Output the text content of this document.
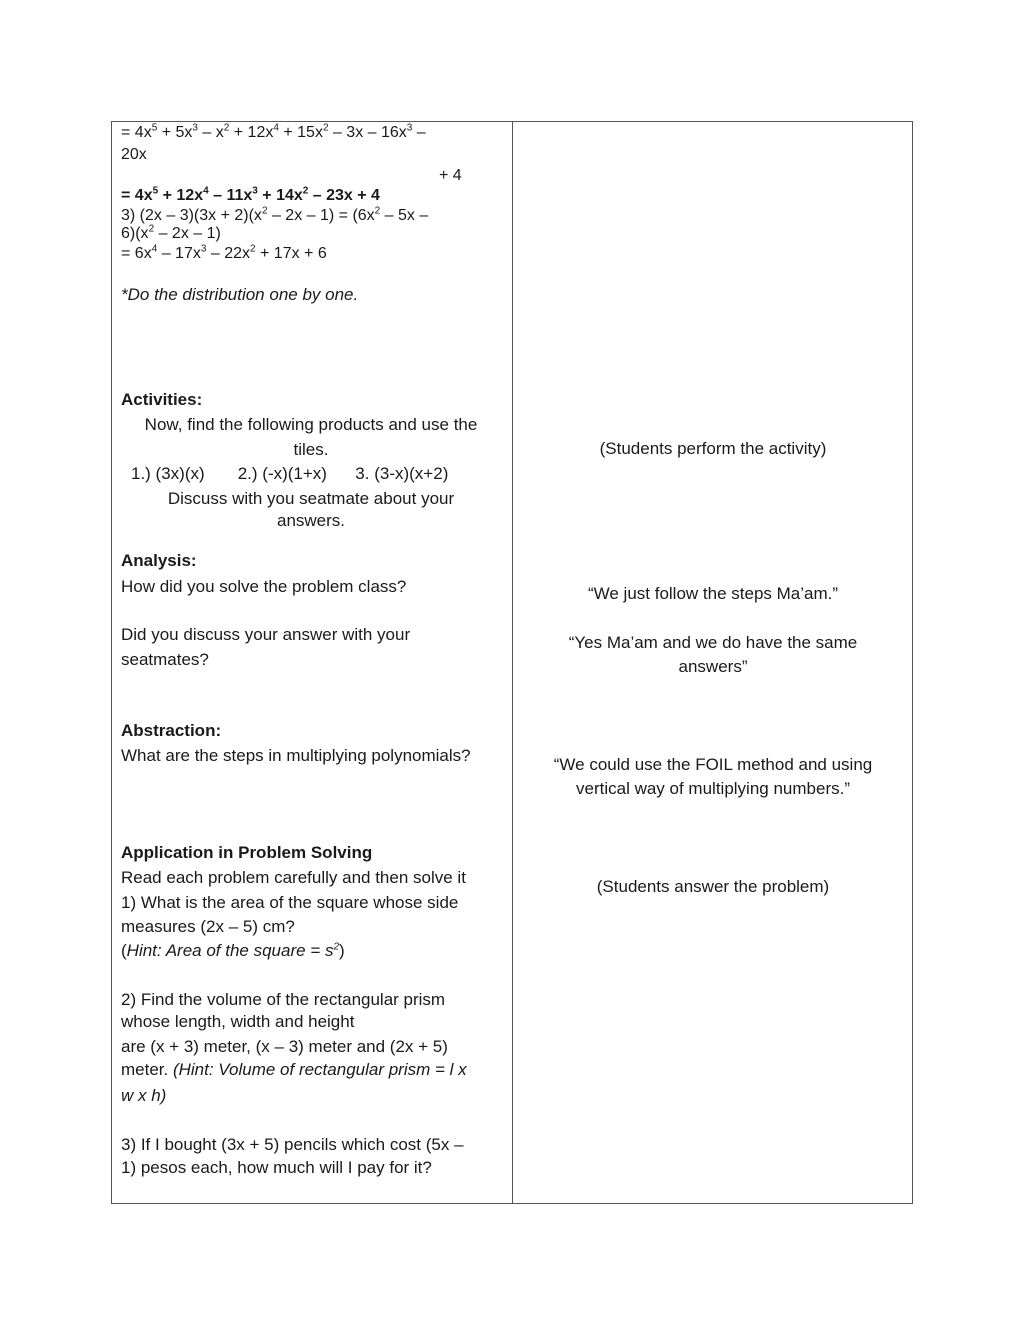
= $4x^5 + 5x^3 - x^2 + 12x^4 + 15x^2 - 3x - 16x^3$ –
20x
+ 4
= $4x^5 + 12x^4 - 11x^3 + 14x^2 - 23x + 4$
3) $(2x - 3)(3x + 2)(x^2 - 2x - 1) = (6x^2 - 5x$ –
$6)(x^2 - 2x - 1)$
= $6x^4 - 17x^3 - 22x^2 + 17x + 6$
*Do the distribution one by one.
Activities:
Now, find the following products and use the
tiles.
1.) (3x)(x)       2.) (-x)(1+x)      3. (3-x)(x+2)
Discuss with you seatmate about your
answers.
Analysis:
How did you solve the problem class?
Did you discuss your answer with your
seatmates?
Abstraction:
What are the steps in multiplying polynomials?
Application in Problem Solving
Read each problem carefully and then solve it
1) What is the area of the square whose side
measures (2x – 5) cm?
(Hint: Area of the square = $s^2$)
2) Find the volume of the rectangular prism
whose length, width and height
are (x + 3) meter, (x – 3) meter and (2x + 5)
meter. (Hint: Volume of rectangular prism = l x
w x h)
3) If I bought (3x + 5) pencils which cost (5x –
1) pesos each, how much will I pay for it?
(Students perform the activity)
“We just follow the steps Ma’am.”
“Yes Ma’am and we do have the same
answers”
“We could use the FOIL method and using
vertical way of multiplying numbers.”
(Students answer the problem)
